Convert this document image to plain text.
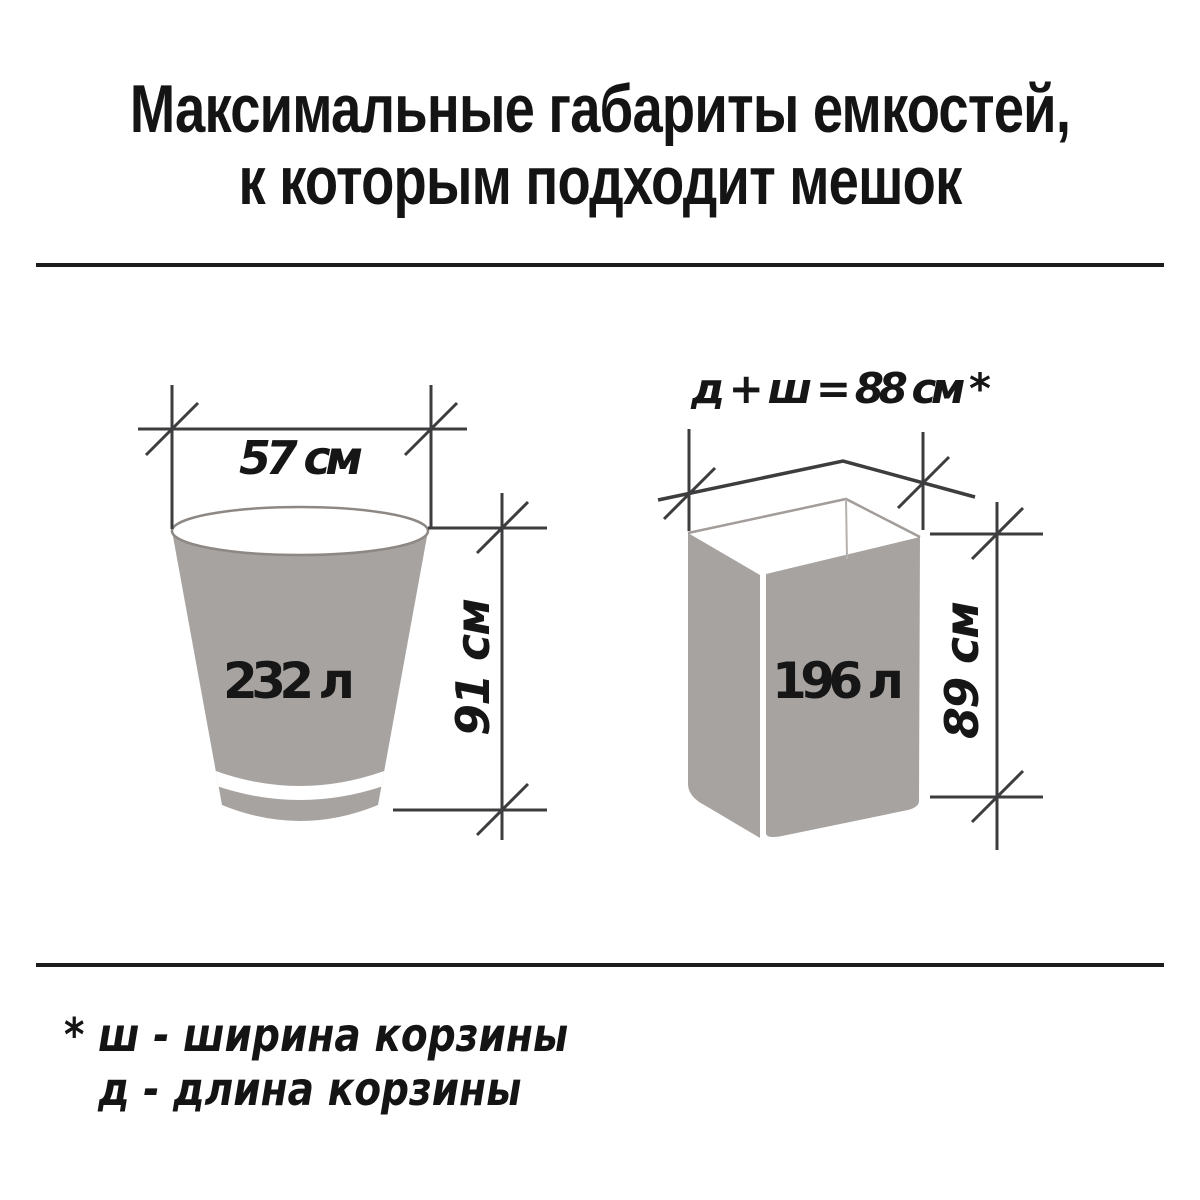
Максимальные габариты емкостей,
к которым подходит мешок
232 л
57 см
91 см
196 л
д + ш = 88 см *
89 см
* ш - ширина корзины
д - длина корзины
